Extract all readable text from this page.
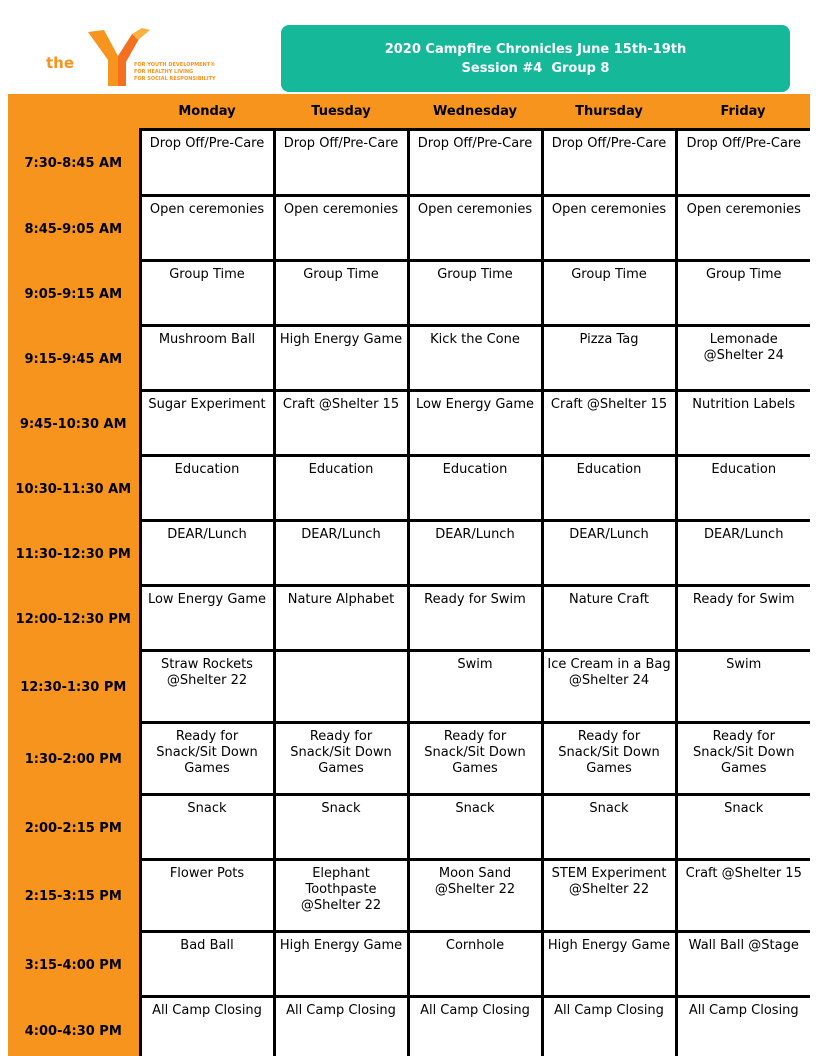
the	FOR YOUTH DEVELOPMENT®
FOR HEALTHY LIVING
FOR SOCIAL RESPONSIBILITY
2020 Campfire Chronicles June 15th-19th
Session #4  Group 8
	Monday	Tuesday	Wednesday	Thursday	Friday
7:30-8:45 AM	Drop Off/Pre-Care	Drop Off/Pre-Care	Drop Off/Pre-Care	Drop Off/Pre-Care	Drop Off/Pre-Care
8:45-9:05 AM	Open ceremonies	Open ceremonies	Open ceremonies	Open ceremonies	Open ceremonies
9:05-9:15 AM	Group Time	Group Time	Group Time	Group Time	Group Time
9:15-9:45 AM	Mushroom Ball	High Energy Game	Kick the Cone	Pizza Tag	Lemonade @Shelter 24
9:45-10:30 AM	Sugar Experiment	Craft @Shelter 15	Low Energy Game	Craft @Shelter 15	Nutrition Labels
10:30-11:30 AM	Education	Education	Education	Education	Education
11:30-12:30 PM	DEAR/Lunch	DEAR/Lunch	DEAR/Lunch	DEAR/Lunch	DEAR/Lunch
12:00-12:30 PM	Low Energy Game	Nature Alphabet	Ready for Swim	Nature Craft	Ready for Swim
12:30-1:30 PM	Straw Rockets @Shelter 22		Swim	Ice Cream in a Bag @Shelter 24	Swim
1:30-2:00 PM	Ready for Snack/Sit Down Games	Ready for Snack/Sit Down Games	Ready for Snack/Sit Down Games	Ready for Snack/Sit Down Games	Ready for Snack/Sit Down Games
2:00-2:15 PM	Snack	Snack	Snack	Snack	Snack
2:15-3:15 PM	Flower Pots	Elephant Toothpaste @Shelter 22	Moon Sand @Shelter 22	STEM Experiment @Shelter 22	Craft @Shelter 15
3:15-4:00 PM	Bad Ball	High Energy Game	Cornhole	High Energy Game	Wall Ball @Stage
4:00-4:30 PM	All Camp Closing	All Camp Closing	All Camp Closing	All Camp Closing	All Camp Closing
